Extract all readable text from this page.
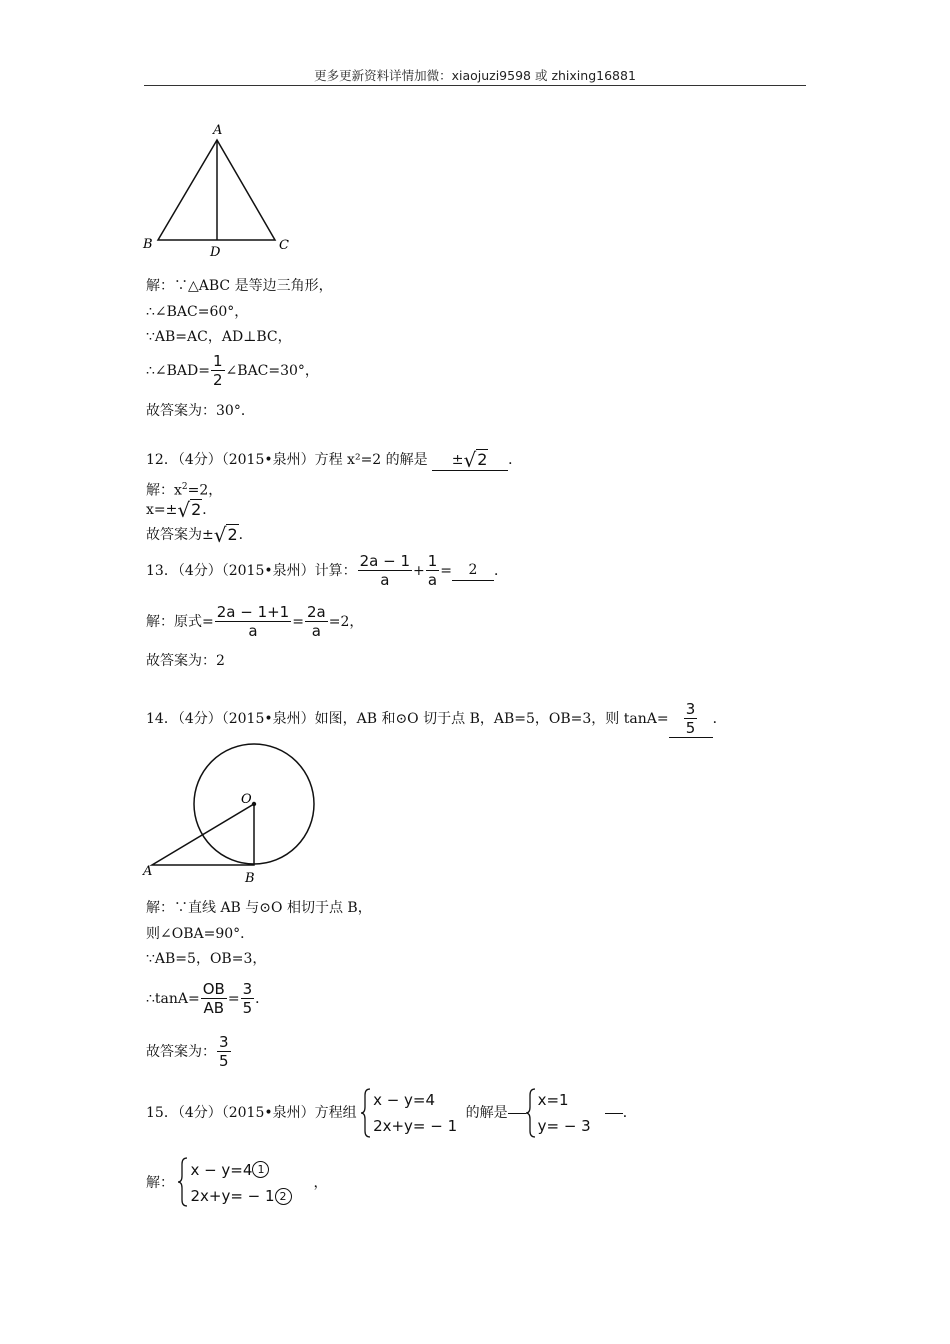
更多更新资料详情加微：xiaojuzi9598 或 zhixing16881
A
B	C
D
解：∵△ABC 是等边三角形，
∴∠BAC=60°，
∵AB=AC，AD⊥BC，
∴∠BAD= $\frac{1}{2}$ ∠BAC=30°，
故答案为：30°．
12．（4分）（2015•泉州）方程 x²=2 的解是 ±√2 ．
解：$x^2=2$，
x=±√2．
故答案为±√2．
13．（4分）（2015•泉州）计算： $\frac{2a - 1}{a} + \frac{1}{a} = 2$ ．
解：原式= $\frac{2a - 1+1}{a} = \frac{2a}{a} =2$，
故答案为：2
14．（4分）（2015•泉州）如图，AB 和⊙O 切于点 B，AB=5，OB=3，则 $\tan A= \frac{3}{5}$ ．
O
A	B
解：∵直线 AB 与⊙O 相切于点 B，
则∠OBA=90°．
∵AB=5，OB=3，
∴tanA= $\frac{OB}{AB} = \frac{3}{5}$ ．
故答案为： $\frac{3}{5}$
15．（4分）（2015•泉州）方程组
x − y=4
2x+y= − 1
的解是
x=1
y= − 3
．
解：
x − y=4 1
2x+y= − 1 2
，
